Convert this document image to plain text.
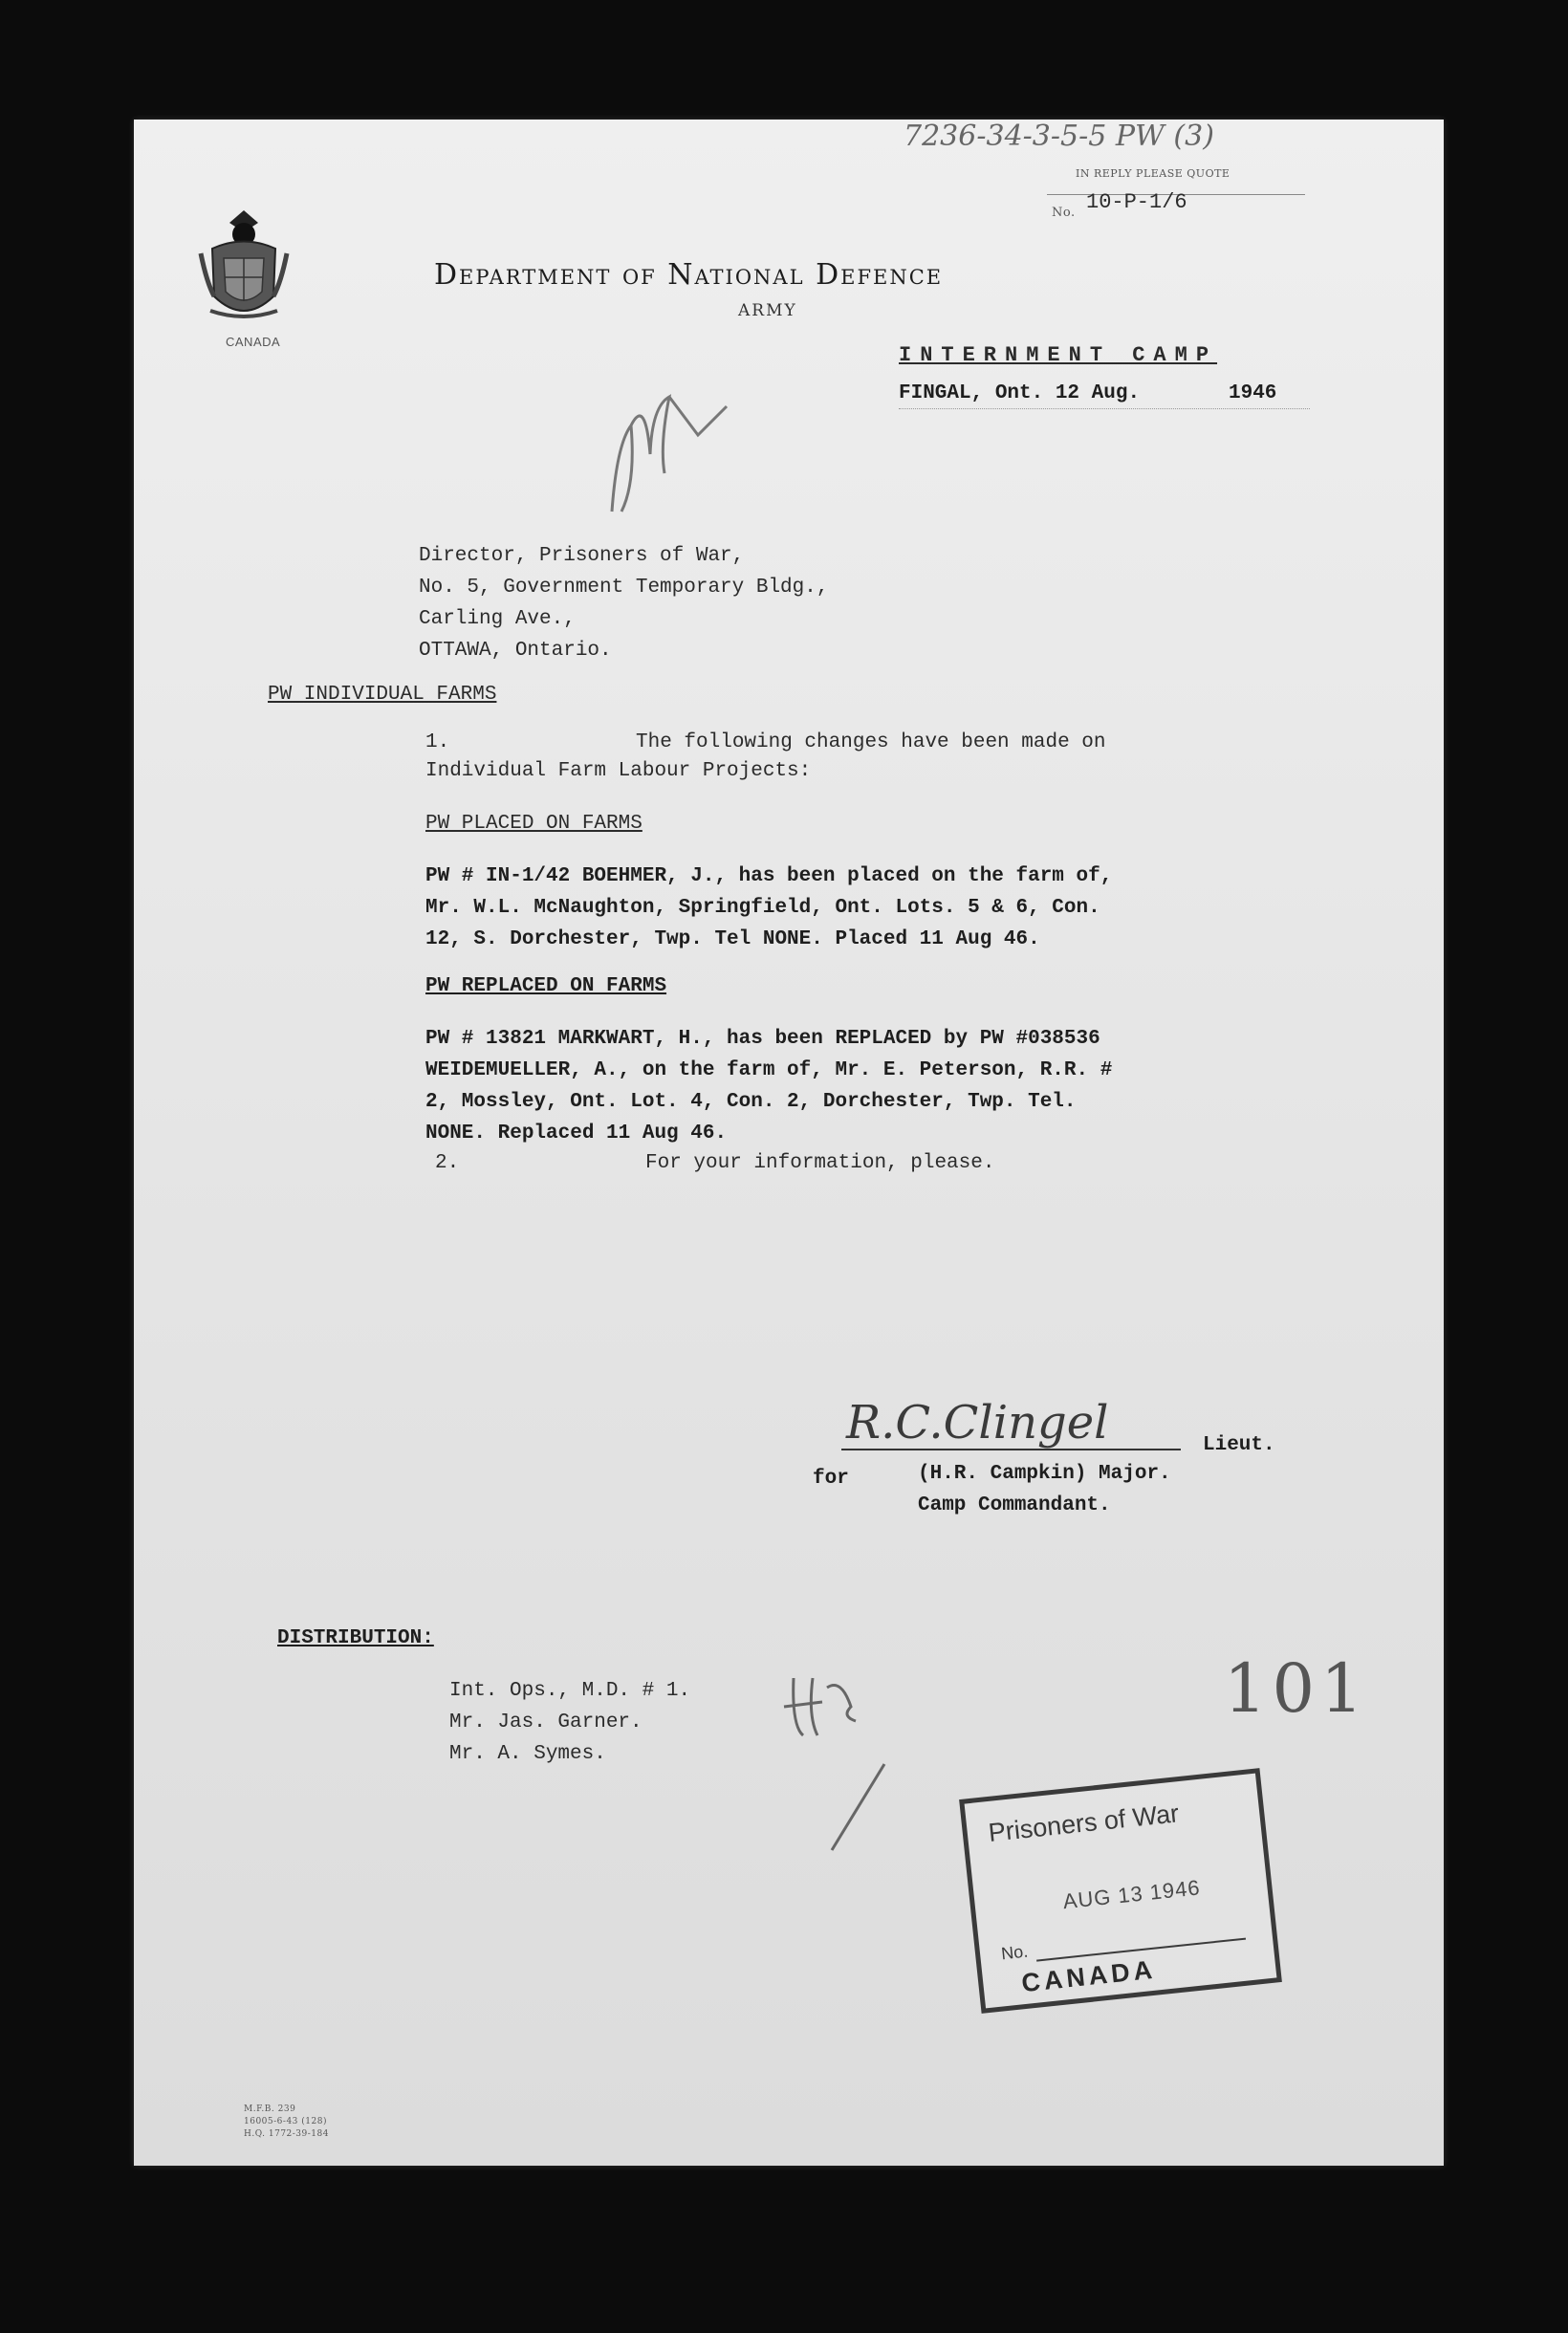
7236-34-3-5-5 PW (3)
IN REPLY PLEASE QUOTE
No. 10-P-1/6
CANADA
Department of National Defence
ARMY
INTERNMENT CAMP
FINGAL, Ont. 12 Aug.	1946
Director, Prisoners of War,
No. 5, Government Temporary Bldg.,
Carling Ave.,
OTTAWA, Ontario.
PW INDIVIDUAL FARMS
1.	The following changes have been made on
Individual Farm Labour Projects:
PW PLACED ON FARMS
PW # IN-1/42 BOEHMER, J., has been placed on the farm of,
Mr. W.L. McNaughton, Springfield, Ont. Lots. 5 & 6, Con.
12, S. Dorchester, Twp. Tel NONE. Placed 11 Aug 46.
PW REPLACED ON FARMS
PW # 13821 MARKWART, H., has been REPLACED by PW #038536
WEIDEMUELLER, A., on the farm of, Mr. E. Peterson, R.R. #
2, Mossley, Ont. Lot. 4, Con. 2, Dorchester, Twp. Tel.
NONE. Replaced 11 Aug 46.
2.	For your information, please.
R.C.Clingel	Lieut.
for	(H.R. Campkin) Major.
Camp Commandant.
DISTRIBUTION:
Int. Ops., M.D. # 1.
Mr. Jas. Garner.
Mr. A. Symes.
101
Prisoners of War
AUG 13 1946
No.
CANADA
M.F.B. 239
16005-6-43 (128)
H.Q. 1772-39-184
